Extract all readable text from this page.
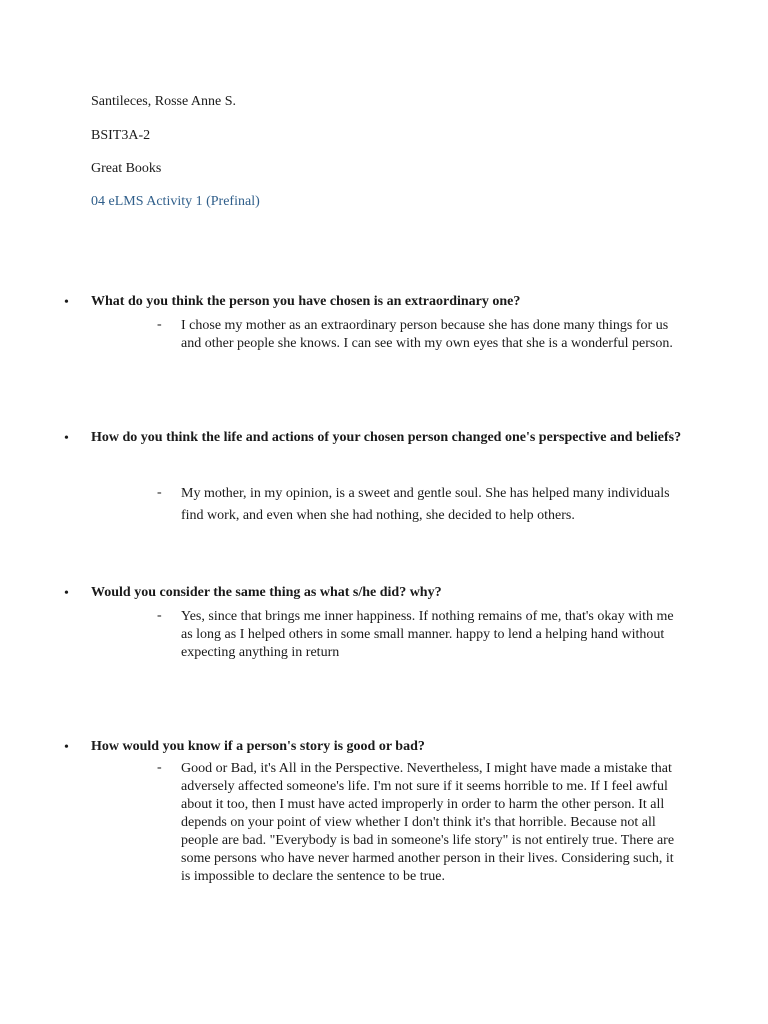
Santileces, Rosse Anne S.
BSIT3A-2
Great Books
04 eLMS Activity 1 (Prefinal)
• What do you think the person you have chosen is an extraordinary one?
- I chose my mother as an extraordinary person because she has done many things for us and other people she knows. I can see with my own eyes that she is a wonderful person.
• How do you think the life and actions of your chosen person changed one's perspective and beliefs?
- My mother, in my opinion, is a sweet and gentle soul. She has helped many individuals find work, and even when she had nothing, she decided to help others.
• Would you consider the same thing as what s/he did? why?
- Yes, since that brings me inner happiness. If nothing remains of me, that's okay with me as long as I helped others in some small manner. happy to lend a helping hand without expecting anything in return
• How would you know if a person's story is good or bad?
- Good or Bad, it's All in the Perspective. Nevertheless, I might have made a mistake that adversely affected someone's life. I'm not sure if it seems horrible to me. If I feel awful about it too, then I must have acted improperly in order to harm the other person. It all depends on your point of view whether I don't think it's that horrible. Because not all people are bad. "Everybody is bad in someone's life story" is not entirely true. There are some persons who have never harmed another person in their lives. Considering such, it is impossible to declare the sentence to be true.
